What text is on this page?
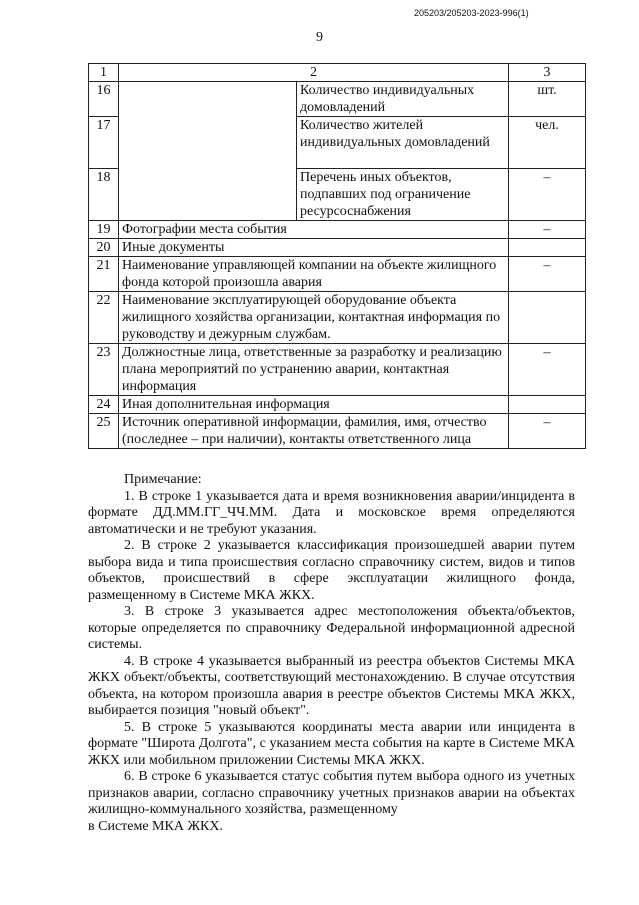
205203/205203-2023-996(1)
9
1	2		3
16		Количество индивидуальных домовладений	шт.
17		Количество жителей индивидуальных домовладений	чел.
18		Перечень иных объектов, подпавших под ограничение ресурсоснабжения	–
19	Фотографии места события		–
20	Иные документы		
21	Наименование управляющей компании на объекте жилищного фонда которой произошла авария		–
22	Наименование эксплуатирующей оборудование объекта жилищного хозяйства организации, контактная информация по руководству и дежурным службам.		
23	Должностные лица, ответственные за разработку и реализацию плана мероприятий по устранению аварии, контактная информация		–
24	Иная дополнительная информация		
25	Источник оперативной информации, фамилия, имя, отчество (последнее – при наличии), контакты ответственного лица		–
Примечание:

1. В строке 1 указывается дата и время возникновения аварии/инцидента в формате ДД.ММ.ГГ_ЧЧ.ММ. Дата и московское время определяются автоматически и не требуют указания.

2. В строке 2 указывается классификация произошедшей аварии путем выбора вида и типа происшествия согласно справочнику систем, видов и типов объектов, происшествий в сфере эксплуатации жилищного фонда, размещенному в Системе МКА ЖКХ.

3. В строке 3 указывается адрес местоположения объекта/объектов, которые определяется по справочнику Федеральной информационной адресной системы.

4. В строке 4 указывается выбранный из реестра объектов Системы МКА ЖКХ объект/объекты, соответствующий местонахождению. В случае отсутствия объекта, на котором произошла авария в реестре объектов Системы МКА ЖКХ, выбирается позиция "новый объект".

5. В строке 5 указываются координаты места аварии или инцидента в формате "Широта Долгота", с указанием места события на карте в Системе МКА ЖКХ или мобильном приложении Системы МКА ЖКХ.

6. В строке 6 указывается статус события путем выбора одного из учетных признаков аварии, согласно справочнику учетных признаков аварии на объектах жилищно-коммунального хозяйства, размещенному

в Системе МКА ЖКХ.
